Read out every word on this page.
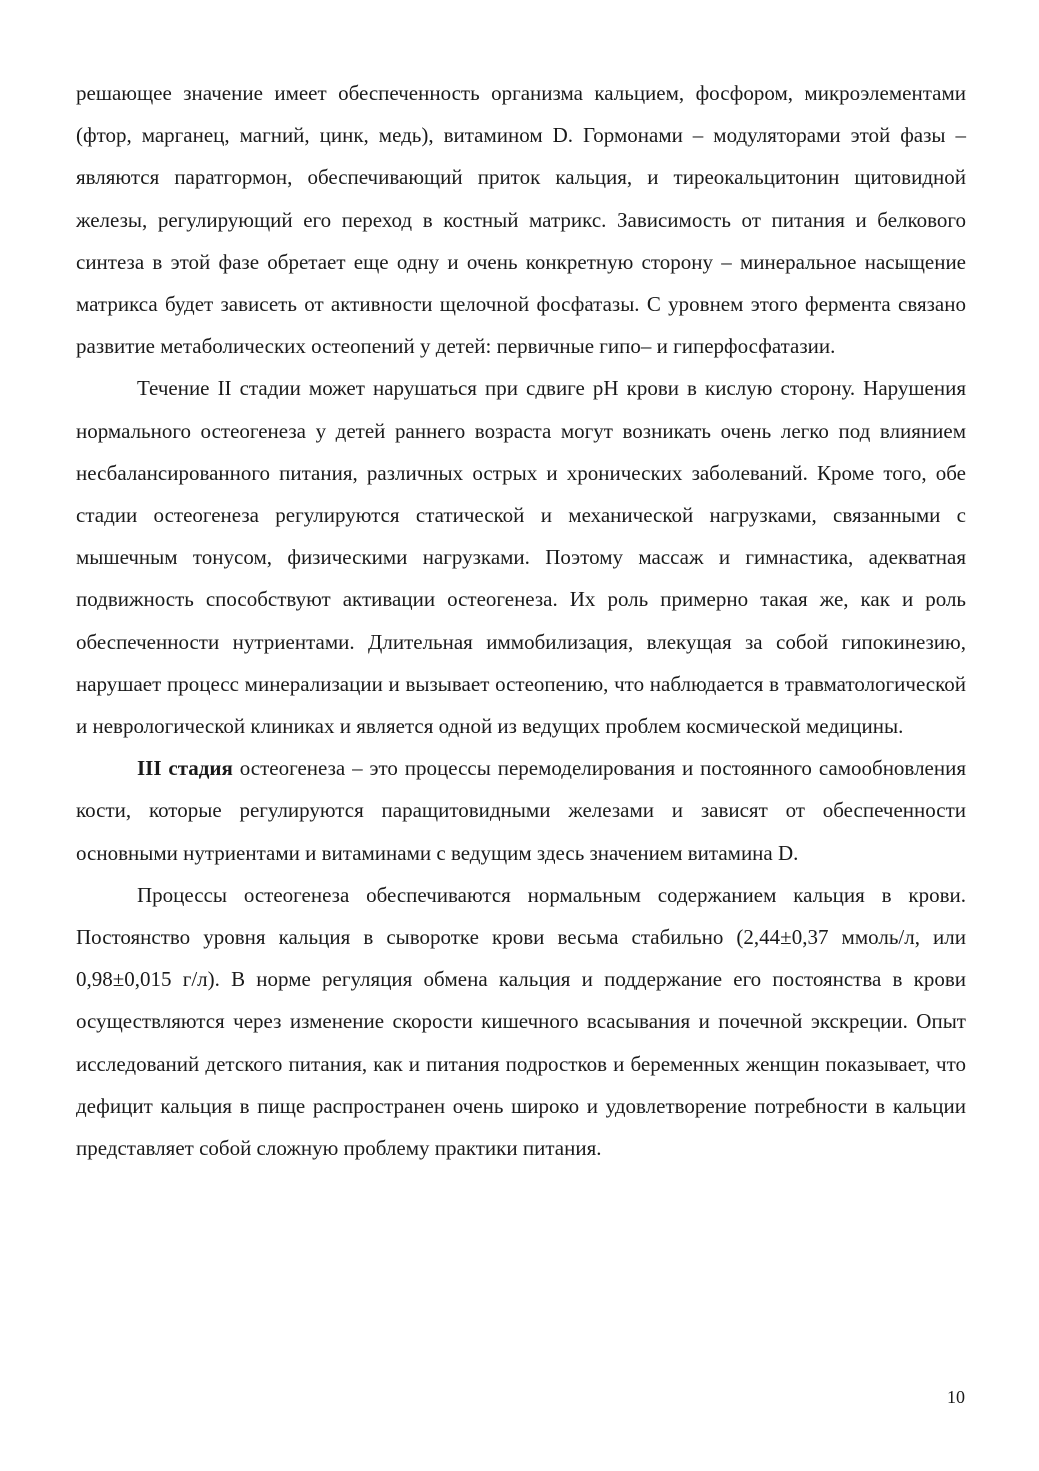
решающее значение имеет обеспеченность организма кальцием, фосфором, микроэлементами (фтор, марганец, магний, цинк, медь), витамином D. Гормонами – модуляторами этой фазы – являются паратгормон, обеспечивающий приток кальция, и тиреокальцитонин щитовидной железы, регулирующий его переход в костный матрикс. Зависимость от питания и белкового синтеза в этой фазе обретает еще одну и очень конкретную сторону – минеральное насыщение матрикса будет зависеть от активности щелочной фосфатазы. С уровнем этого фермента связано развитие метаболических остеопений у детей: первичные гипо– и гиперфосфатазии.

Течение II стадии может нарушаться при сдвиге pH крови в кислую сторону. Нарушения нормального остеогенеза у детей раннего возраста могут возникать очень легко под влиянием несбалансированного питания, различных острых и хронических заболеваний. Кроме того, обе стадии остеогенеза регулируются статической и механической нагрузками, связанными с мышечным тонусом, физическими нагрузками. Поэтому массаж и гимнастика, адекватная подвижность способствуют активации остеогенеза. Их роль примерно такая же, как и роль обеспеченности нутриентами. Длительная иммобилизация, влекущая за собой гипокинезию, нарушает процесс минерализации и вызывает остеопению, что наблюдается в травматологической и неврологической клиниках и является одной из ведущих проблем космической медицины.

III стадия остеогенеза – это процессы перемоделирования и постоянного самообновления кости, которые регулируются паращитовидными железами и зависят от обеспеченности основными нутриентами и витаминами с ведущим здесь значением витамина D.

Процессы остеогенеза обеспечиваются нормальным содержанием кальция в крови. Постоянство уровня кальция в сыворотке крови весьма стабильно (2,44±0,37 ммоль/л, или 0,98±0,015 г/л). В норме регуляция обмена кальция и поддержание его постоянства в крови осуществляются через изменение скорости кишечного всасывания и почечной экскреции. Опыт исследований детского питания, как и питания подростков и беременных женщин показывает, что дефицит кальция в пище распространен очень широко и удовлетворение потребности в кальции представляет собой сложную проблему практики питания.

10
